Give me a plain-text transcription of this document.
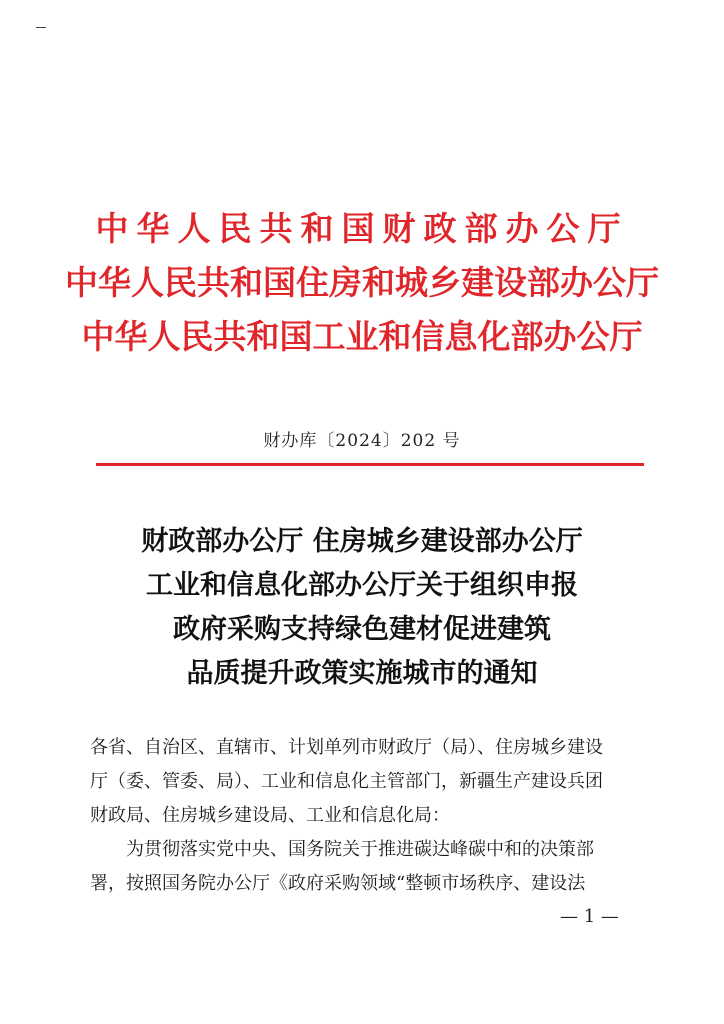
中华人民共和国财政部办公厅
中华人民共和国住房和城乡建设部办公厅
中华人民共和国工业和信息化部办公厅
财办库〔2024〕202 号
财政部办公厅 住房城乡建设部办公厅
工业和信息化部办公厅关于组织申报
政府采购支持绿色建材促进建筑
品质提升政策实施城市的通知

各省、自治区、直辖市、计划单列市财政厅（局）、住房城乡建设

厅（委、管委、局）、工业和信息化主管部门，新疆生产建设兵团

财政局、住房城乡建设局、工业和信息化局：

为贯彻落实党中央、国务院关于推进碳达峰碳中和的决策部

署，按照国务院办公厅《政府采购领域“整顿市场秩序、建设法

— 1 —
